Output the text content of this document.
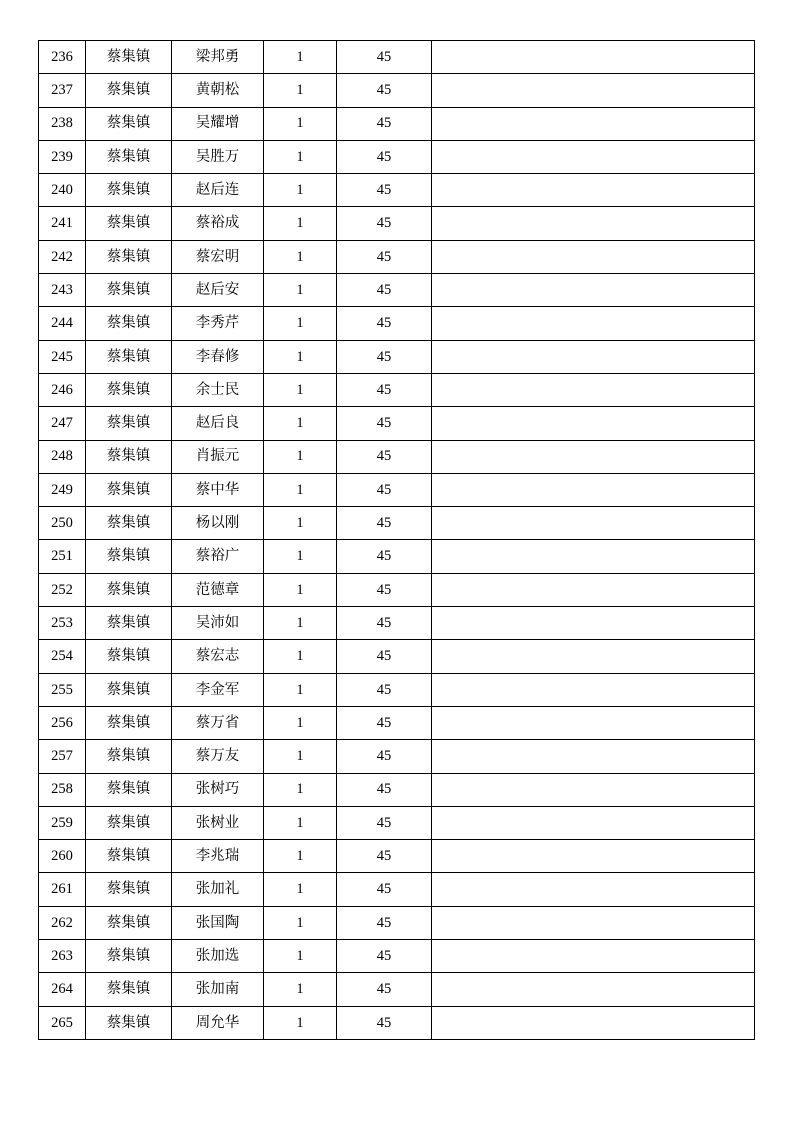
236	蔡集镇	梁邦勇	1	45	
237	蔡集镇	黄朝松	1	45	
238	蔡集镇	吴耀增	1	45	
239	蔡集镇	吴胜万	1	45	
240	蔡集镇	赵后连	1	45	
241	蔡集镇	蔡裕成	1	45	
242	蔡集镇	蔡宏明	1	45	
243	蔡集镇	赵后安	1	45	
244	蔡集镇	李秀芹	1	45	
245	蔡集镇	李春修	1	45	
246	蔡集镇	余士民	1	45	
247	蔡集镇	赵后良	1	45	
248	蔡集镇	肖振元	1	45	
249	蔡集镇	蔡中华	1	45	
250	蔡集镇	杨以刚	1	45	
251	蔡集镇	蔡裕广	1	45	
252	蔡集镇	范德章	1	45	
253	蔡集镇	吴沛如	1	45	
254	蔡集镇	蔡宏志	1	45	
255	蔡集镇	李金军	1	45	
256	蔡集镇	蔡万省	1	45	
257	蔡集镇	蔡万友	1	45	
258	蔡集镇	张树巧	1	45	
259	蔡集镇	张树业	1	45	
260	蔡集镇	李兆瑞	1	45	
261	蔡集镇	张加礼	1	45	
262	蔡集镇	张国陶	1	45	
263	蔡集镇	张加选	1	45	
264	蔡集镇	张加南	1	45	
265	蔡集镇	周允华	1	45	
